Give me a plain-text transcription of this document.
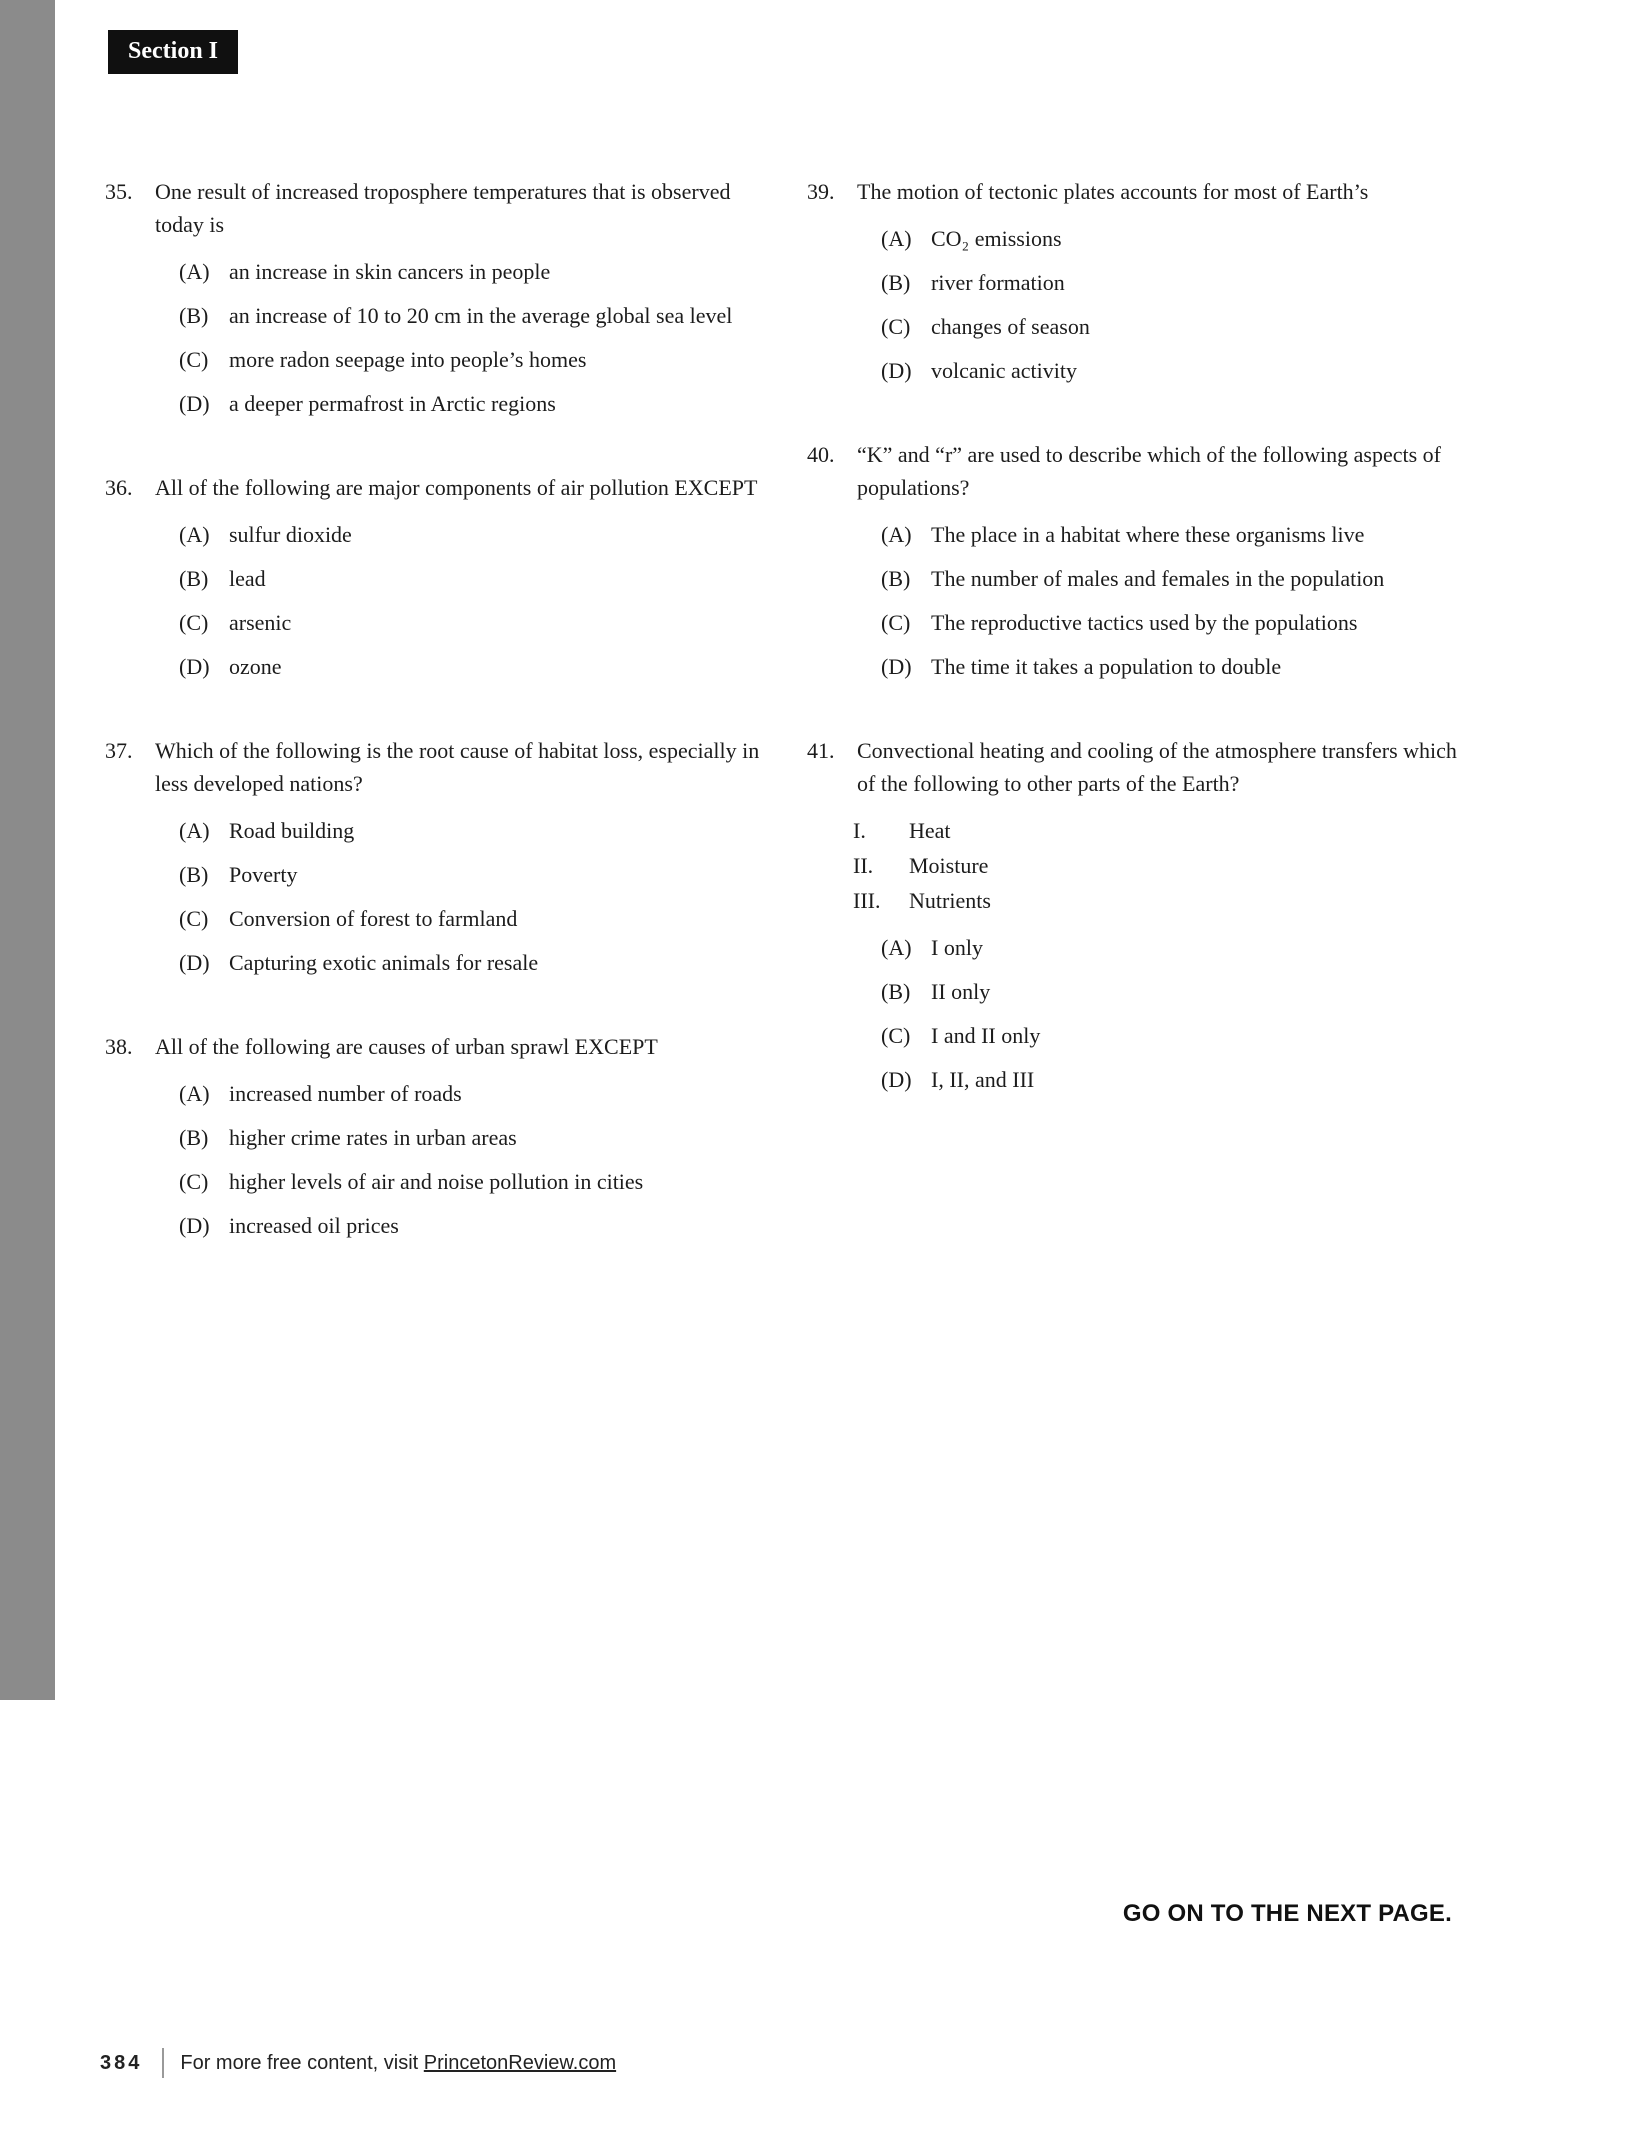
Section I
35.	One result of increased troposphere temperatures that is observed today is
(A) an increase in skin cancers in people
(B) an increase of 10 to 20 cm in the average global sea level
(C) more radon seepage into people’s homes
(D) a deeper permafrost in Arctic regions
36.	All of the following are major components of air pollution EXCEPT
(A) sulfur dioxide
(B) lead
(C) arsenic
(D) ozone
37.	Which of the following is the root cause of habitat loss, especially in less developed nations?
(A) Road building
(B) Poverty
(C) Conversion of forest to farmland
(D) Capturing exotic animals for resale
38.	All of the following are causes of urban sprawl EXCEPT
(A) increased number of roads
(B) higher crime rates in urban areas
(C) higher levels of air and noise pollution in cities
(D) increased oil prices
39.	The motion of tectonic plates accounts for most of Earth’s
(A) CO₂ emissions
(B) river formation
(C) changes of season
(D) volcanic activity
40.	“K” and “r” are used to describe which of the following aspects of populations?
(A) The place in a habitat where these organisms live
(B) The number of males and females in the population
(C) The reproductive tactics used by the populations
(D) The time it takes a population to double
41.	Convectional heating and cooling of the atmosphere transfers which of the following to other parts of the Earth?
I.	Heat
II.	Moisture
III.	Nutrients
(A) I only
(B) II only
(C) I and II only
(D) I, II, and III
GO ON TO THE NEXT PAGE.
384 For more free content, visit PrincetonReview.com
